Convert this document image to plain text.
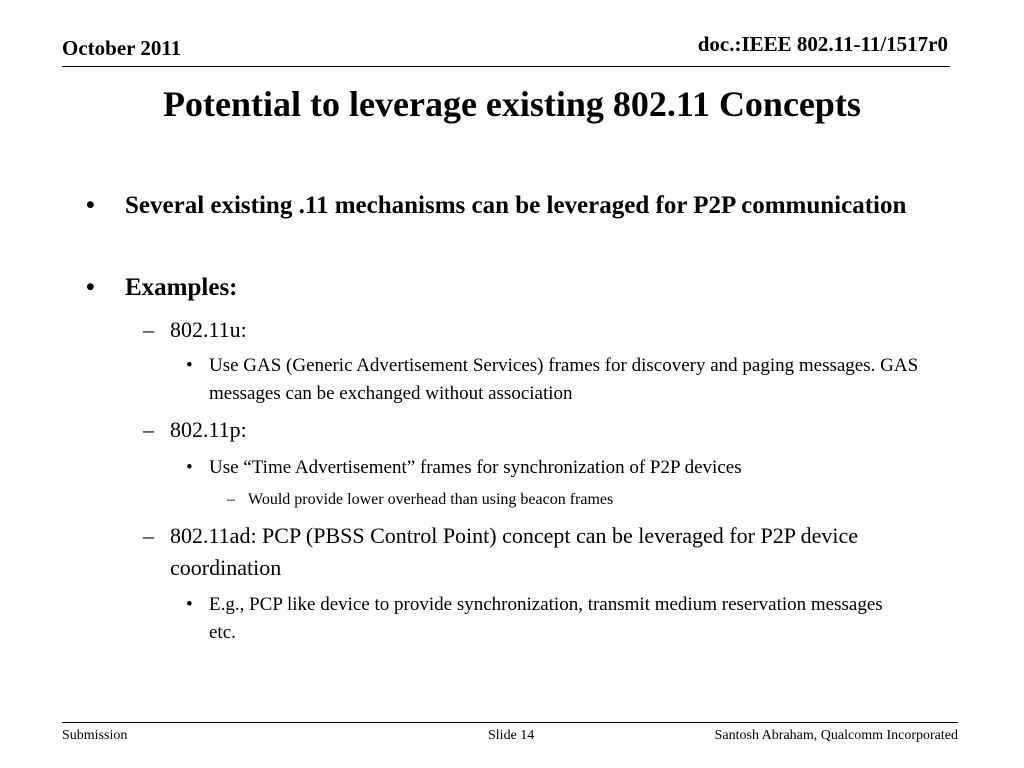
October 2011	doc.:IEEE 802.11-11/1517r0
Potential to leverage existing 802.11 Concepts
• Several existing .11 mechanisms can be leveraged for P2P communication

• Examples:

– 802.11u:

• Use GAS (Generic Advertisement Services) frames for discovery and paging messages. GAS messages can be exchanged without association

– 802.11p:

• Use “Time Advertisement” frames for synchronization of P2P devices

– Would provide lower overhead than using beacon frames

– 802.11ad: PCP (PBSS Control Point) concept can be leveraged for P2P device coordination

• E.g., PCP like device to provide synchronization, transmit medium reservation messages etc.

Submission	Slide 14	Santosh Abraham, Qualcomm Incorporated
